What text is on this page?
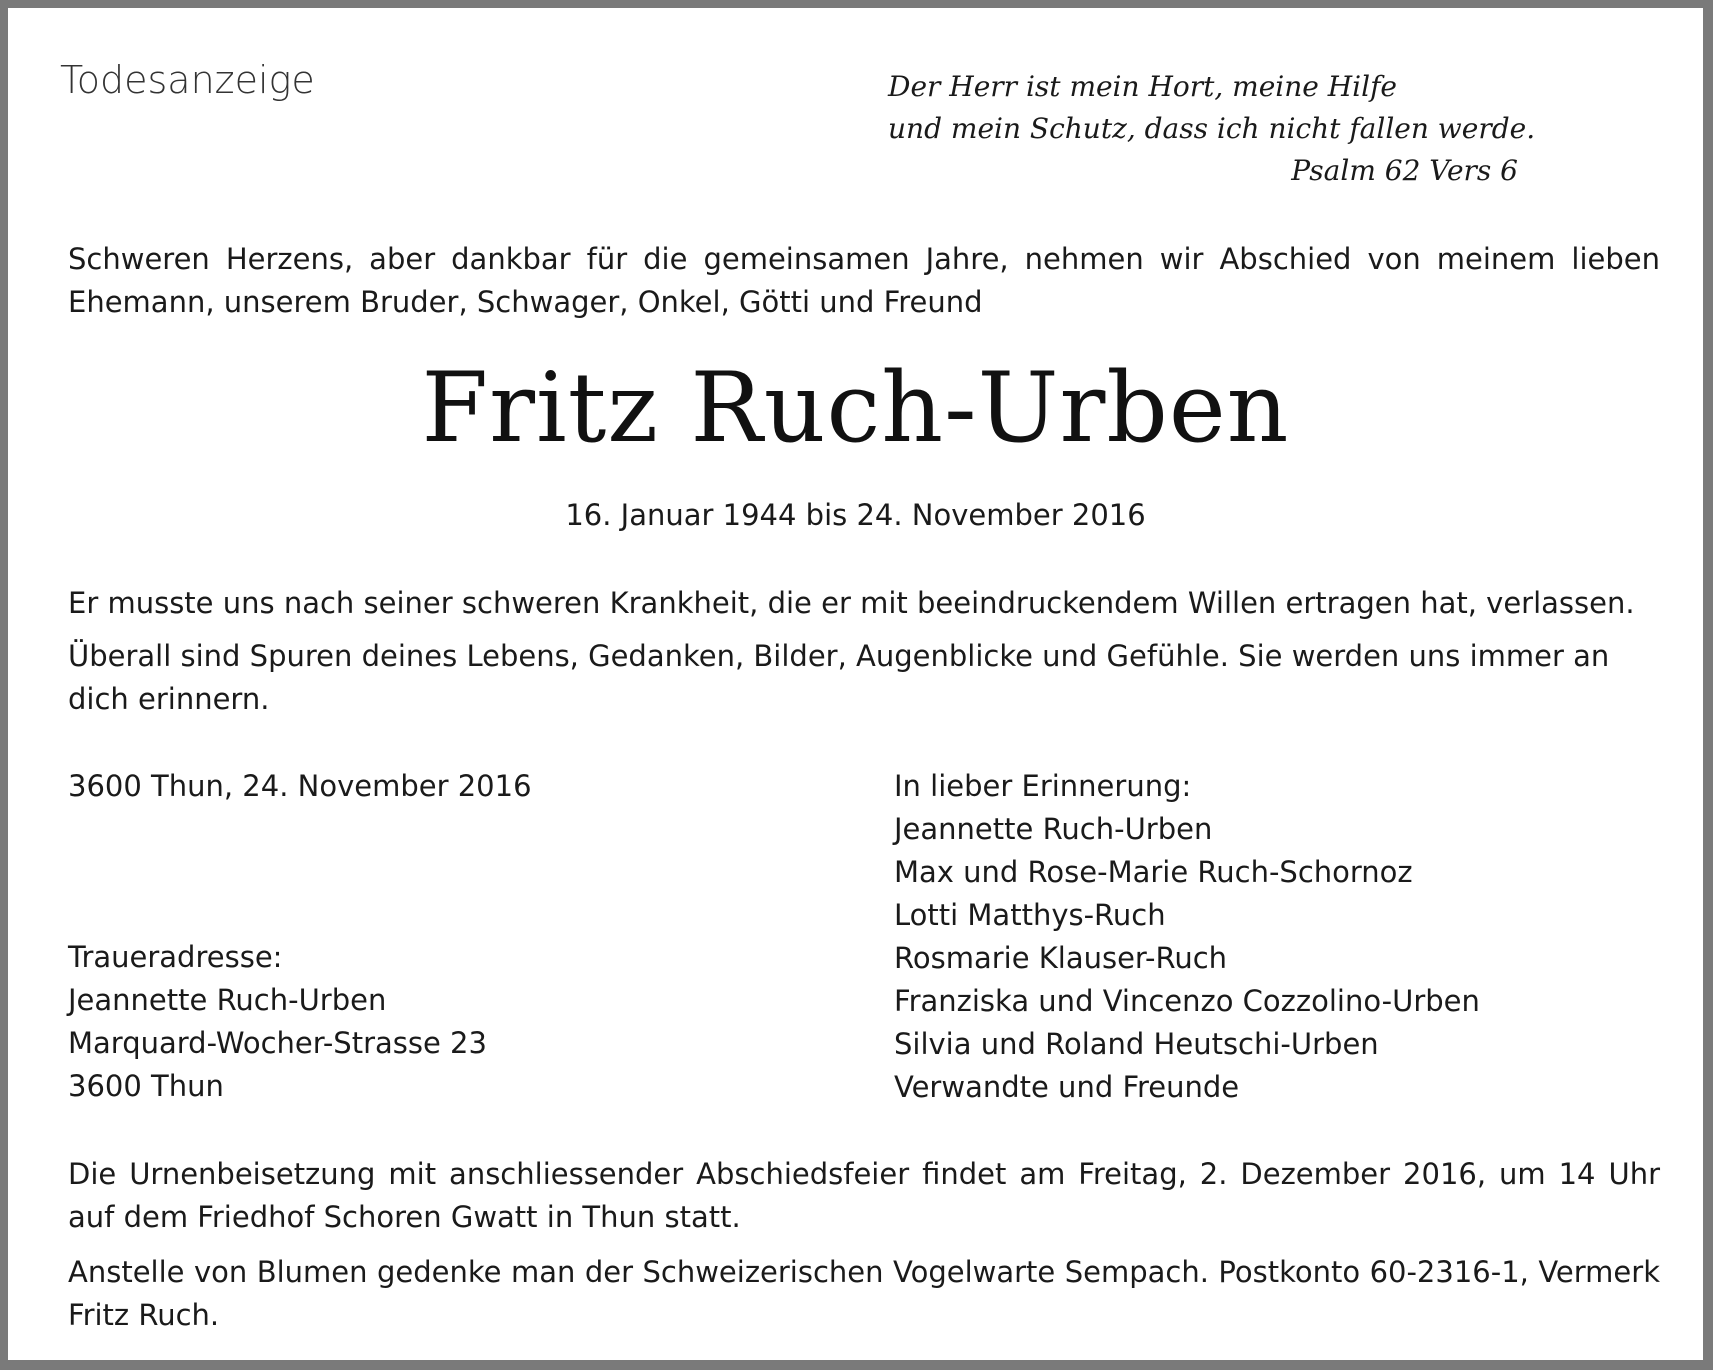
Todesanzeige	Der Herr ist mein Hort, meine Hilfe
und mein Schutz, dass ich nicht fallen werde.
Psalm 62 Vers 6
Schweren Herzens, aber dankbar für die gemeinsamen Jahre, nehmen wir Abschied von meinem lieben Ehemann, unserem Bruder, Schwager, Onkel, Götti und Freund
Fritz Ruch-Urben
16. Januar 1944 bis 24. November 2016
Er musste uns nach seiner schweren Krankheit, die er mit beeindruckendem Willen ertragen hat, verlassen.
Überall sind Spuren deines Lebens, Gedanken, Bilder, Augenblicke und Gefühle. Sie werden uns immer an dich erinnern.
3600 Thun, 24. November 2016
Traueradresse:
Jeannette Ruch-Urben
Marquard-Wocher-Strasse 23
3600 Thun
In lieber Erinnerung:
Jeannette Ruch-Urben
Max und Rose-Marie Ruch-Schornoz
Lotti Matthys-Ruch
Rosmarie Klauser-Ruch
Franziska und Vincenzo Cozzolino-Urben
Silvia und Roland Heutschi-Urben
Verwandte und Freunde
Die Urnenbeisetzung mit anschliessender Abschiedsfeier findet am Freitag, 2. Dezember 2016, um 14 Uhr auf dem Friedhof Schoren Gwatt in Thun statt.
Anstelle von Blumen gedenke man der Schweizerischen Vogelwarte Sempach. Postkonto 60-2316-1, Vermerk Fritz Ruch.
